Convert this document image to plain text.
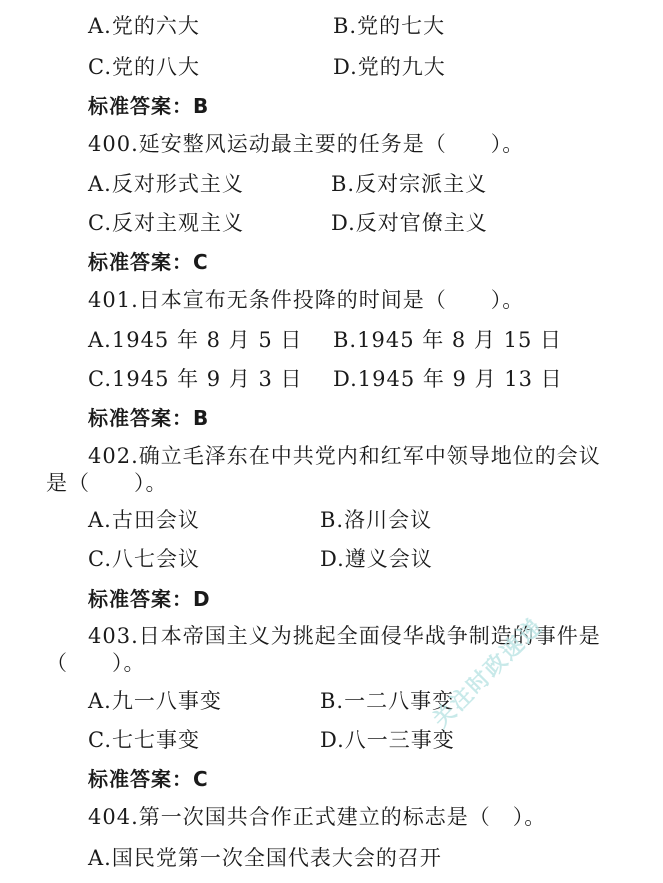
A.党的六大	B.党的七大
C.党的八大	D.党的九大
标准答案：B
400.延安整风运动最主要的任务是（　　）。
A.反对形式主义	B.反对宗派主义
C.反对主观主义	D.反对官僚主义
标准答案：C
401.日本宣布无条件投降的时间是（　　）。
A.1945 年 8 月 5 日 B.1945 年 8 月 15 日
C.1945 年 9 月 3 日 D.1945 年 9 月 13 日
标准答案：B
402.确立毛泽东在中共党内和红军中领导地位的会议
是（　　）。
A.古田会议	B.洛川会议
C.八七会议	D.遵义会议
标准答案：D
403.日本帝国主义为挑起全面侵华战争制造的事件是
（　　）。
A.九一八事变	B.一二八事变
C.七七事变	D.八一三事变
标准答案：C
404.第一次国共合作正式建立的标志是（　）。
A.国民党第一次全国代表大会的召开
关注时政速递
